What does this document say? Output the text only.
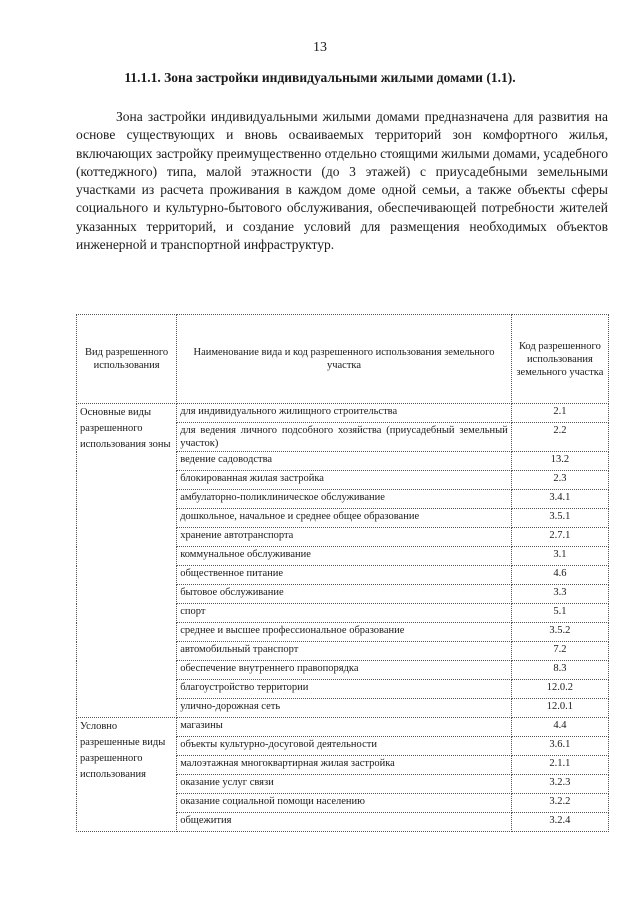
13
11.1.1. Зона застройки индивидуальными жилыми домами (1.1).

Зона застройки индивидуальными жилыми домами предназначена для развития на основе существующих и вновь осваиваемых территорий зон комфортного жилья, включающих застройку преимущественно отдельно стоящими жилыми домами, усадебного (коттеджного) типа, малой этажности (до 3 этажей) с приусадебными земельными участками из расчета проживания в каждом доме одной семьи, а также объекты сферы социального и культурно-бытового обслуживания, обеспечивающей потребности жителей указанных территорий, и создание условий для размещения необходимых объектов инженерной и транспортной инфраструктур.

Вид разрешенного использования	Наименование вида и код разрешенного использования земельного участка	Код разрешенного использования земельного участка
Основные виды разрешенного использования зоны	для индивидуального жилищного строительства	2.1
	для ведения личного подсобного хозяйства (приусадебный земельный участок)	2.2
	ведение садоводства	13.2
	блокированная жилая застройка	2.3
	амбулаторно-поликлиническое обслуживание	3.4.1
	дошкольное, начальное и среднее общее образование	3.5.1
	хранение автотранспорта	2.7.1
	коммунальное обслуживание	3.1
	общественное питание	4.6
	бытовое обслуживание	3.3
	спорт	5.1
	среднее и высшее профессиональное образование	3.5.2
	автомобильный транспорт	7.2
	обеспечение внутреннего правопорядка	8.3
	благоустройство территории	12.0.2
	улично-дорожная сеть	12.0.1
Условно разрешенные виды разрешенного использования	магазины	4.4
	объекты культурно-досуговой деятельности	3.6.1
	малоэтажная многоквартирная жилая застройка	2.1.1
	оказание услуг связи	3.2.3
	оказание социальной помощи населению	3.2.2
	общежития	3.2.4
